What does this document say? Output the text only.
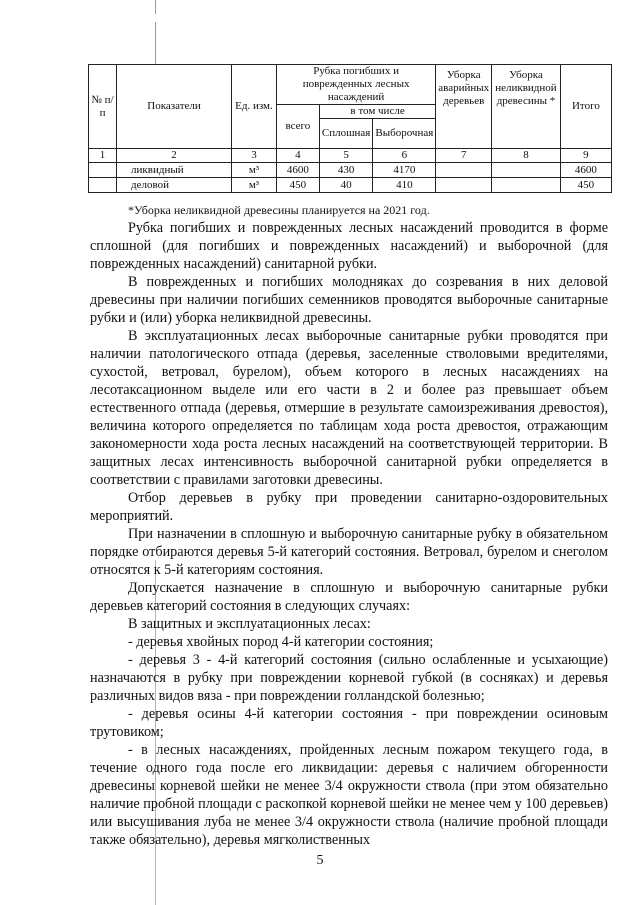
№ п/п	Показатели	Ед. изм.	Рубка погибших и поврежденных лесных насаждений			Уборка аварийных деревьев	Уборка неликвидной древесины *	Итого
			всего	в том числе				
				Сплошная	Выборочная			
1	2	3	4	5	6	7	8	9
	ликвидный	м³	4600	430	4170			4600
	деловой	м³	450	40	410			450
*Уборка неликвидной древесины планируется на 2021 год.

Рубка погибших и поврежденных лесных насаждений проводится в форме сплошной (для погибших и поврежденных насаждений) и выборочной (для поврежденных насаждений) санитарной рубки.

В поврежденных и погибших молодняках до созревания в них деловой древесины при наличии погибших семенников проводятся выборочные санитарные рубки и (или) уборка неликвидной древесины.

В эксплуатационных лесах выборочные санитарные рубки проводятся при наличии патологического отпада (деревья, заселенные стволовыми вредителями, сухостой, ветровал, бурелом), объем которого в лесных насаждениях на лесотаксационном выделе или его части в 2 и более раз превышает объем естественного отпада (деревья, отмершие в результате самоизреживания древостоя), величина которого определяется по таблицам хода роста древостоя, отражающим закономерности хода роста лесных насаждений на соответствующей территории. В защитных лесах интенсивность выборочной санитарной рубки определяется в соответствии с правилами заготовки древесины.

Отбор деревьев в рубку при проведении санитарно-оздоровительных мероприятий.

При назначении в сплошную и выборочную санитарные рубку в обязательном порядке отбираются деревья 5-й категорий состояния. Ветровал, бурелом и снеголом относятся к 5-й категориям состояния.

Допускается назначение в сплошную и выборочную санитарные рубки деревьев категорий состояния в следующих случаях:

В защитных и эксплуатационных лесах:

- деревья хвойных пород 4-й категории состояния;

- деревья 3 - 4-й категорий состояния (сильно ослабленные и усыхающие) назначаются в рубку при повреждении корневой губкой (в сосняках) и деревья различных видов вяза - при повреждении голландской болезнью;

- деревья осины 4-й категории состояния - при повреждении осиновым трутовиком;

- в лесных насаждениях, пройденных лесным пожаром текущего года, в течение одного года после его ликвидации: деревья с наличием обгоренности древесины корневой шейки не менее 3/4 окружности ствола (при этом обязательно наличие пробной площади с раскопкой корневой шейки не менее чем у 100 деревьев) или высушивания луба не менее 3/4 окружности ствола (наличие пробной площади также обязательно), деревья мягколиственных

5
